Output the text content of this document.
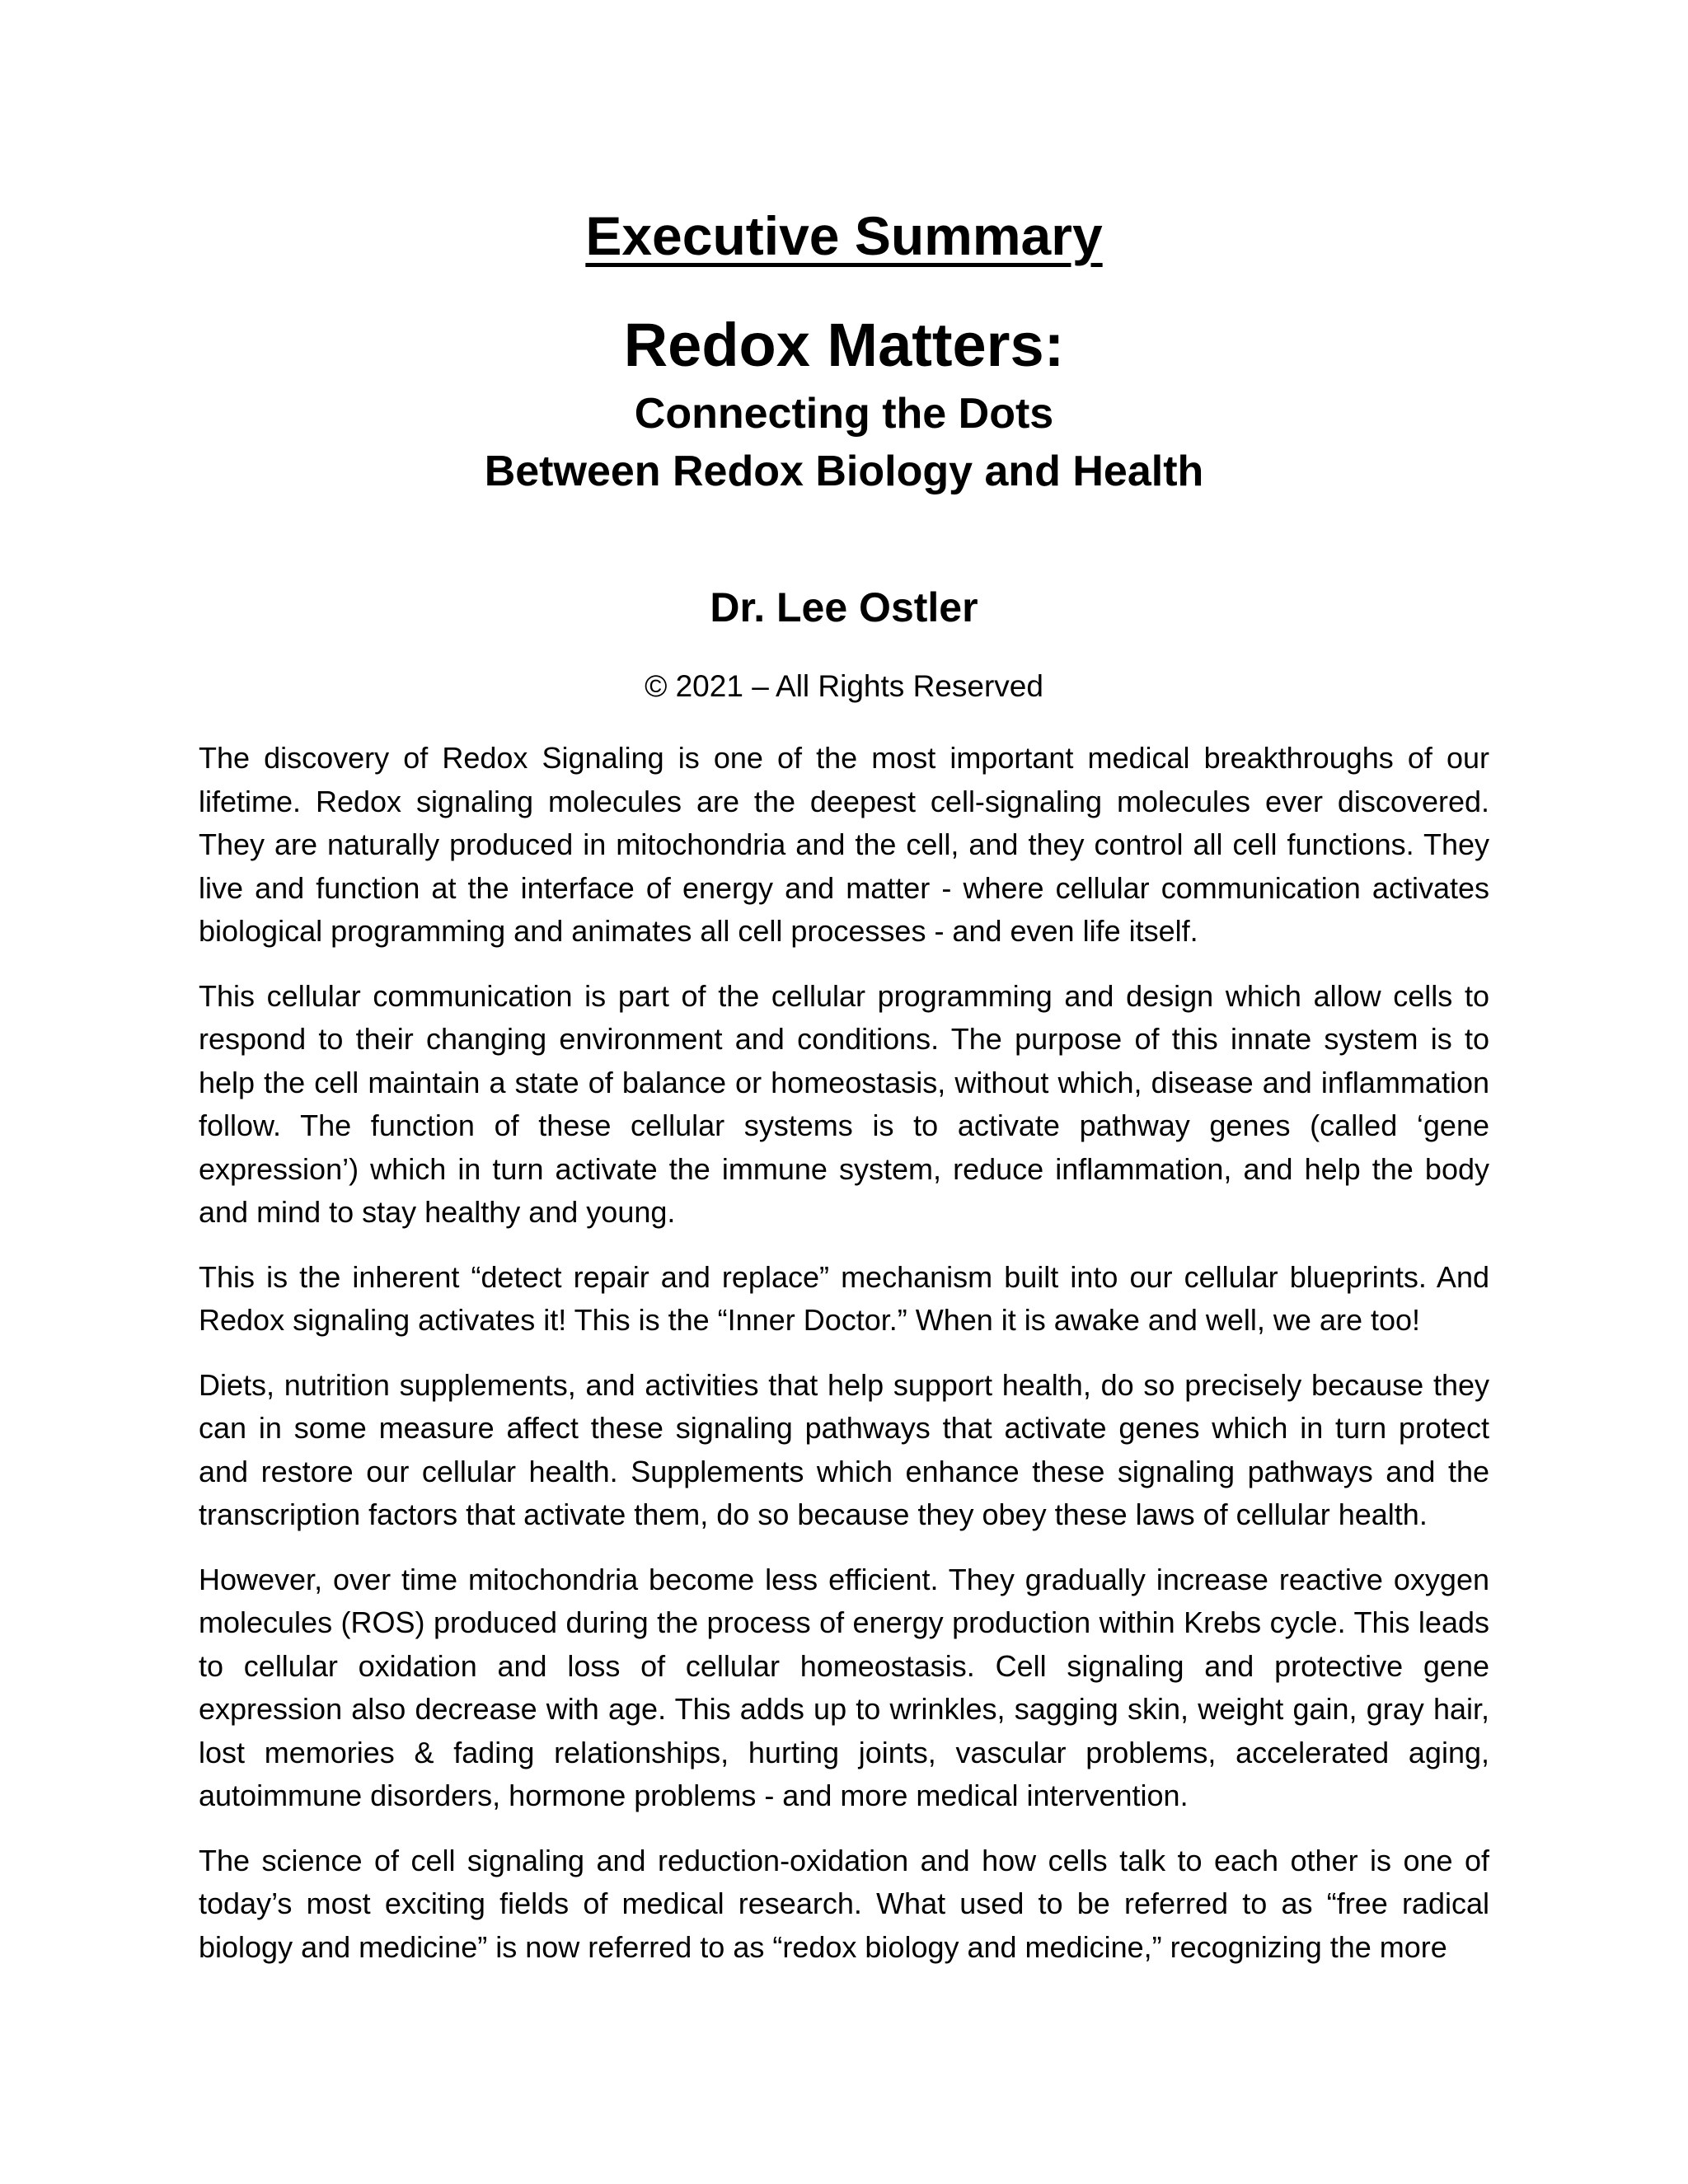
Executive Summary
Redox Matters:
Connecting the Dots
Between Redox Biology and Health
Dr. Lee Ostler
© 2021 – All Rights Reserved

The discovery of Redox Signaling is one of the most important medical breakthroughs of our lifetime. Redox signaling molecules are the deepest cell-signaling molecules ever discovered. They are naturally produced in mitochondria and the cell, and they control all cell functions. They live and function at the interface of energy and matter - where cellular communication activates biological programming and animates all cell processes - and even life itself.

This cellular communication is part of the cellular programming and design which allow cells to respond to their changing environment and conditions. The purpose of this innate system is to help the cell maintain a state of balance or homeostasis, without which, disease and inflammation follow. The function of these cellular systems is to activate pathway genes (called ‘gene expression’) which in turn activate the immune system, reduce inflammation, and help the body and mind to stay healthy and young.

This is the inherent “detect repair and replace” mechanism built into our cellular blueprints. And Redox signaling activates it! This is the “Inner Doctor.” When it is awake and well, we are too!

Diets, nutrition supplements, and activities that help support health, do so precisely because they can in some measure affect these signaling pathways that activate genes which in turn protect and restore our cellular health. Supplements which enhance these signaling pathways and the transcription factors that activate them, do so because they obey these laws of cellular health.

However, over time mitochondria become less efficient. They gradually increase reactive oxygen molecules (ROS) produced during the process of energy production within Krebs cycle. This leads to cellular oxidation and loss of cellular homeostasis. Cell signaling and protective gene expression also decrease with age. This adds up to wrinkles, sagging skin, weight gain, gray hair, lost memories & fading relationships, hurting joints, vascular problems, accelerated aging, autoimmune disorders, hormone problems - and more medical intervention.

The science of cell signaling and reduction-oxidation and how cells talk to each other is one of today’s most exciting fields of medical research. What used to be referred to as “free radical biology and medicine” is now referred to as “redox biology and medicine,” recognizing the more
